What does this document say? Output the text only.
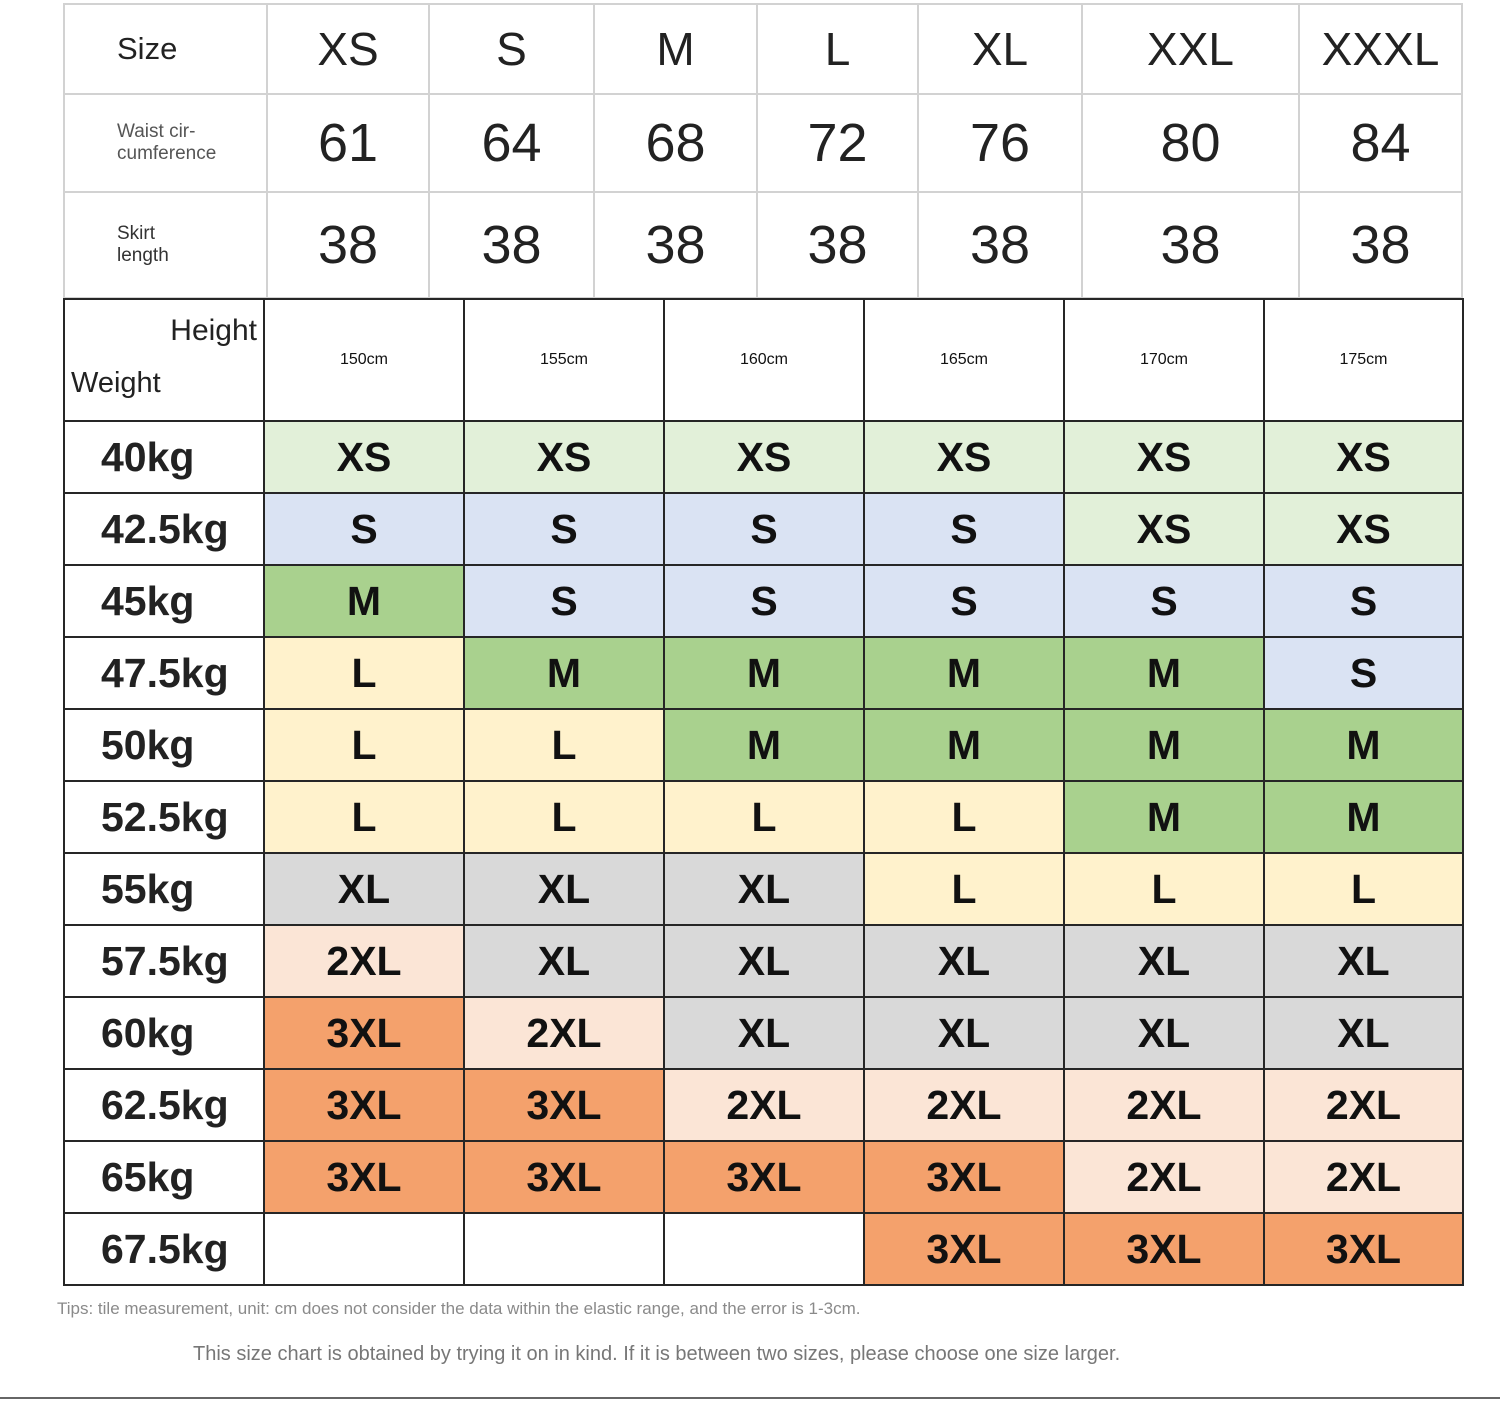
Size	XS	S	M	L	XL	XXL	XXXL
Waist cir- cumference	61	64	68	72	76	80	84
Skirt length	38	38	38	38	38	38	38
Height
Weight	150cm	155cm	160cm	165cm	170cm	175cm

40kg	XS	XS	XS	XS	XS	XS
42.5kg	S	S	S	S	XS	XS
45kg	M	S	S	S	S	S
47.5kg	L	M	M	M	M	S
50kg	L	L	M	M	M	M
52.5kg	L	L	L	L	M	M
55kg	XL	XL	XL	L	L	L
57.5kg	2XL	XL	XL	XL	XL	XL
60kg	3XL	2XL	XL	XL	XL	XL
62.5kg	3XL	3XL	2XL	2XL	2XL	2XL
65kg	3XL	3XL	3XL	3XL	2XL	2XL
67.5kg				3XL	3XL	3XL
Tips: tile measurement, unit: cm does not consider the data within the elastic range, and the error is 1-3cm.
This size chart is obtained by trying it on in kind. If it is between two sizes, please choose one size larger.
